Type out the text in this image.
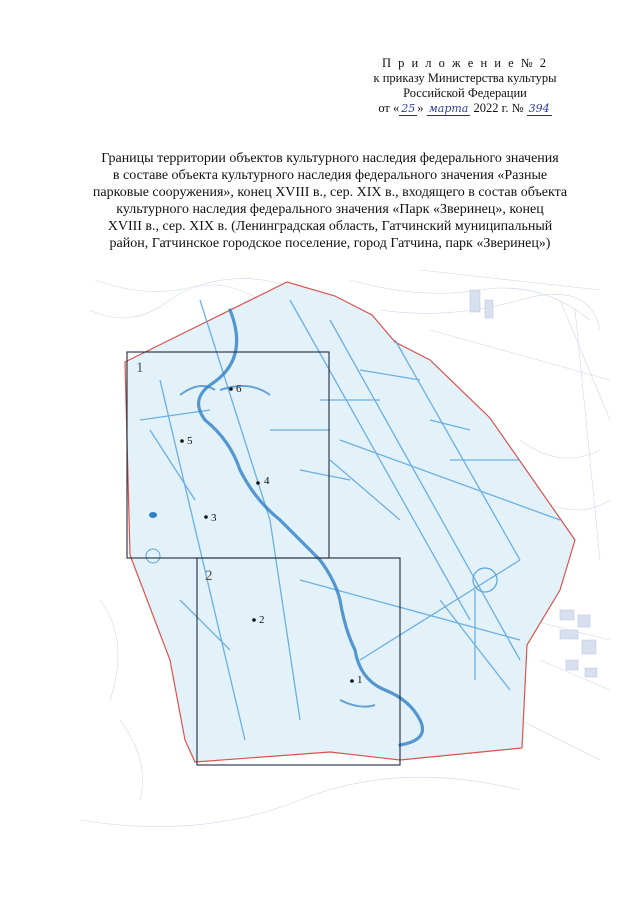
П р и л о ж е н и е № 2
к приказу Министерства культуры
Российской Федерации
от « 25 » марта 2022 г. № 394
Границы территории объектов культурного наследия федерального значения
в составе объекта культурного наследия федерального значения «Разные
парковые сооружения», конец XVIII в., сер. XIX в., входящего в состав объекта
культурного наследия федерального значения «Парк «Зверинец», конец
XVIII в., сер. XIX в. (Ленинградская область, Гатчинский муниципальный
район, Гатчинское городское поселение, город Гатчина, парк «Зверинец»)
1
2
1
2
3
4
5
6
